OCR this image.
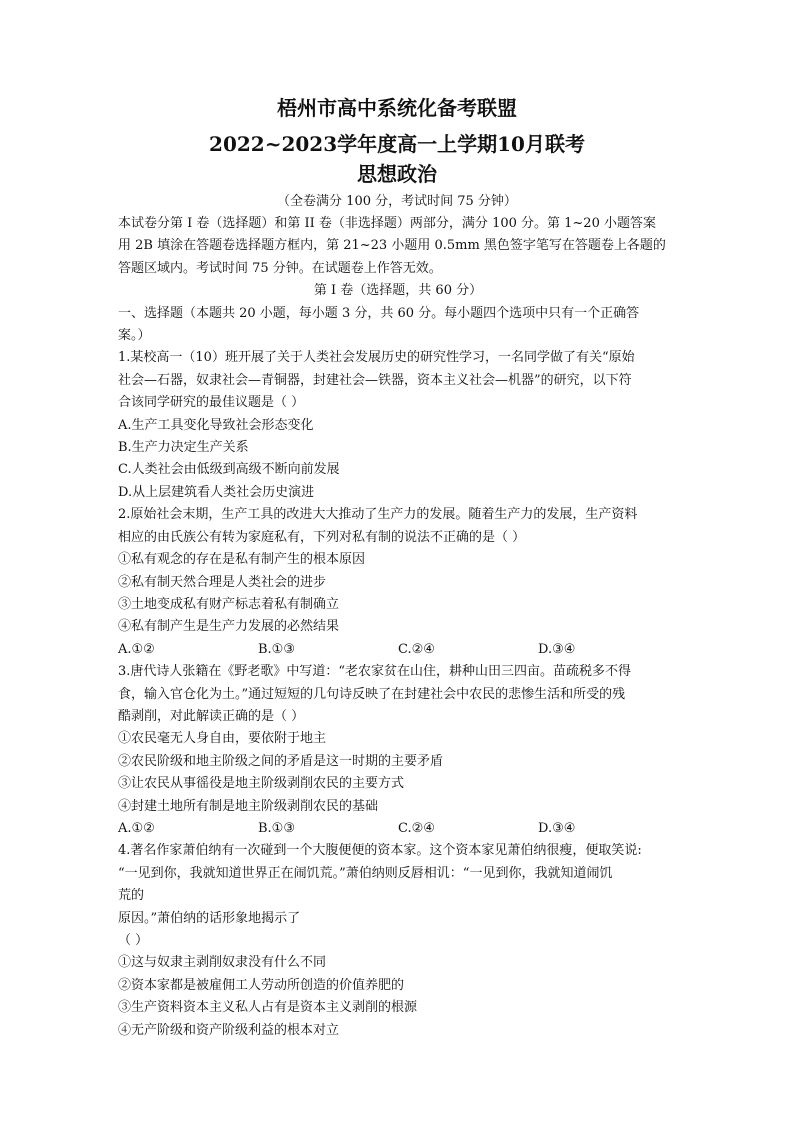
梧州市高中系统化备考联盟
2022~2023学年度高一上学期10月联考
思想政治
（全卷满分 100 分，考试时间 75 分钟）

本试卷分第 I 卷（选择题）和第 II 卷（非选择题）两部分，满分 100 分。第 1~20 小题答案

用 2B 填涂在答题卷选择题方框内，第 21~23 小题用 0.5mm 黑色签字笔写在答题卷上各题的

答题区域内。考试时间 75 分钟。在试题卷上作答无效。

第 I 卷（选择题，共 60 分）

一、选择题（本题共 20 小题，每小题 3 分，共 60 分。每小题四个选项中只有一个正确答

案。）

1.某校高一（10）班开展了关于人类社会发展历史的研究性学习，一名同学做了有关“原始

社会—石器，奴隶社会—青铜器，封建社会—铁器，资本主义社会—机器”的研究，以下符

合该同学研究的最佳议题是（ ）

A.生产工具变化导致社会形态变化

B.生产力决定生产关系

C.人类社会由低级到高级不断向前发展

D.从上层建筑看人类社会历史演进

2.原始社会末期，生产工具的改进大大推动了生产力的发展。随着生产力的发展，生产资料

相应的由氏族公有转为家庭私有，下列对私有制的说法不正确的是（ ）

①私有观念的存在是私有制产生的根本原因

②私有制天然合理是人类社会的进步

③土地变成私有财产标志着私有制确立

④私有制产生是生产力发展的必然结果

A.①②	B.①③	C.②④	D.③④

3.唐代诗人张籍在《野老歌》中写道：“老农家贫在山住，耕种山田三四亩。苗疏税多不得

食，输入官仓化为土。”通过短短的几句诗反映了在封建社会中农民的悲惨生活和所受的残

酷剥削，对此解读正确的是（ ）

①农民毫无人身自由，要依附于地主

②农民阶级和地主阶级之间的矛盾是这一时期的主要矛盾

③让农民从事徭役是地主阶级剥削农民的主要方式

④封建土地所有制是地主阶级剥削农民的基础

A.①②	B.①③	C.②④	D.③④

4.著名作家萧伯纳有一次碰到一个大腹便便的资本家。这个资本家见萧伯纳很瘦，便取笑说:

“一见到你，我就知道世界正在闹饥荒。”萧伯纳则反唇相讥：“一见到你，我就知道闹饥

荒的

原因。”萧伯纳的话形象地揭示了

（ ）

①这与奴隶主剥削奴隶没有什么不同

②资本家都是被雇佣工人劳动所创造的价值养肥的

③生产资料资本主义私人占有是资本主义剥削的根源

④无产阶级和资产阶级利益的根本对立
